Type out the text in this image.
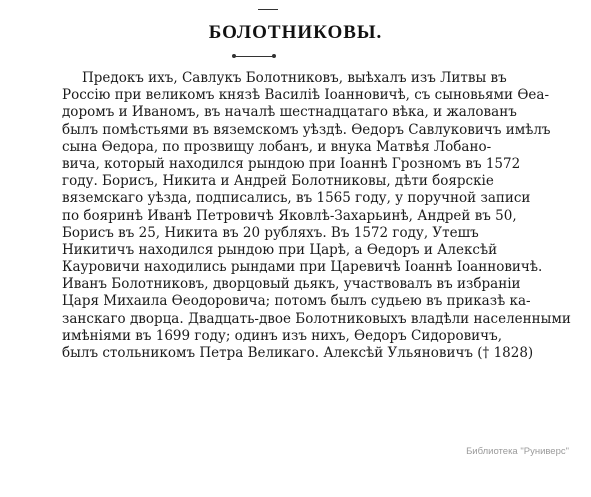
БОЛОТНИКОВЫ.
Предокъ ихъ, Савлукъ Болотниковъ, выѣхалъ изъ Литвы въ
Россію при великомъ князѣ Василіѣ Іоанновичѣ, съ сыновьями Ѳеа-
доромъ и Иваномъ, въ началѣ шестнадцатаго вѣка, и жалованъ
былъ помѣстьями въ вяземскомъ уѣздѣ. Ѳедоръ Савлуковичъ имѣлъ
сына Ѳедора, по прозвищу лобанъ, и внука Матвѣя Лобано-
вича, который находился рындою при Іоаннѣ Грозномъ въ 1572
году. Борисъ, Никита и Андрей Болотниковы, дѣти боярскіе
вяземскаго уѣзда, подписались, въ 1565 году, у поручной записи
по бояринѣ Иванѣ Петровичѣ Яковлѣ-Захарьинѣ, Андрей въ 50,
Борисъ въ 25, Никита въ 20 рубляхъ. Въ 1572 году, Утешъ
Никитичъ находился рындою при Царѣ, а Ѳедоръ и Алексѣй
Кауровичи находились рындами при Царевичѣ Іоаннѣ Іоанновичѣ.
Иванъ Болотниковъ, дворцовый дьякъ, участвовалъ въ избраніи
Царя Михаила Ѳеодоровича; потомъ былъ судьею въ приказѣ ка-
занскаго дворца. Двадцать-двое Болотниковыхъ владѣли населенными
имѣніями въ 1699 году; одинъ изъ нихъ, Ѳедоръ Сидоровичъ,
былъ стольникомъ Петра Великаго. Алексѣй Ульяновичъ († 1828)
Библиотека "Руниверс"
